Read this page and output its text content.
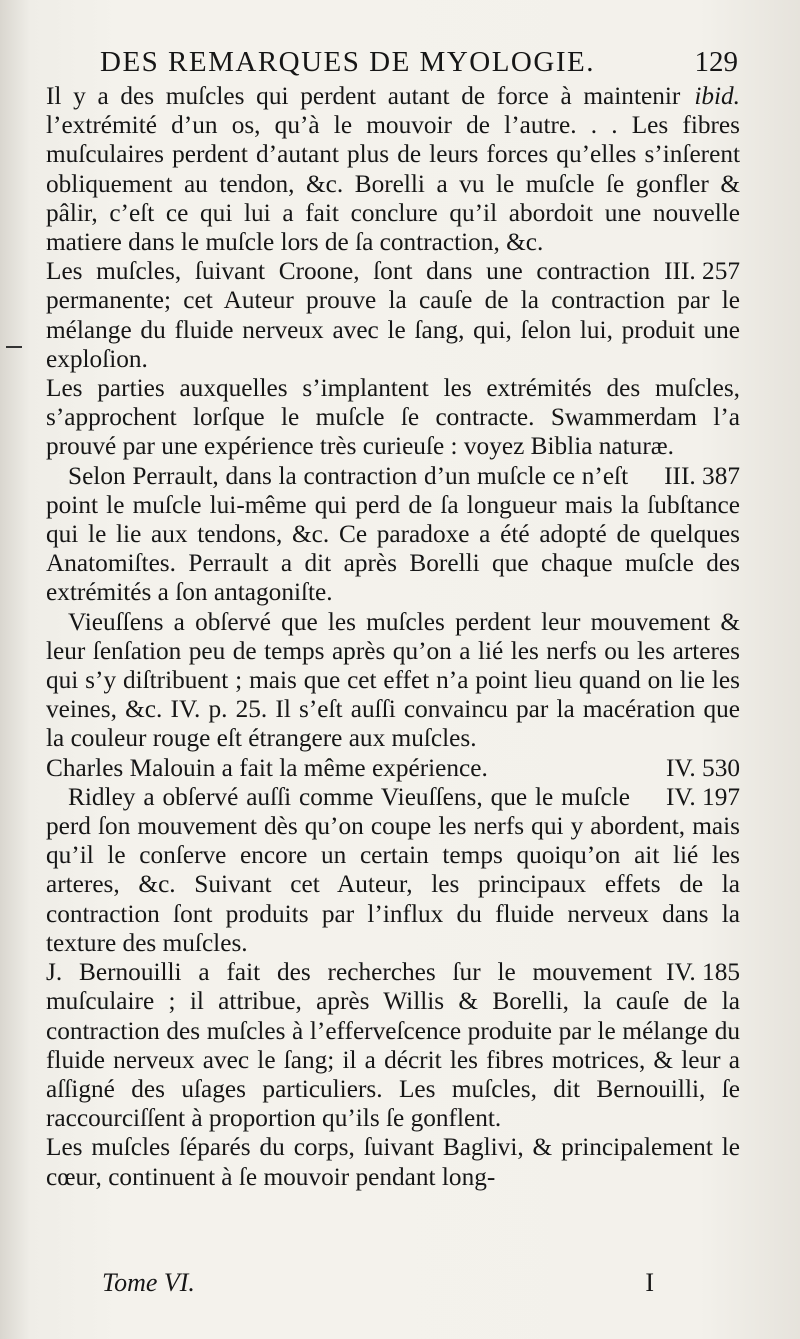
DES REMARQUES DE MYOLOGIE.	129

ibid.
Il y a des muſcles qui perdent autant de force à maintenir l’extrémité d’un os, qu’à le mouvoir de l’autre. . . Les fibres muſculaires perdent d’autant plus de leurs forces qu’elles s’inſerent obliquement au tendon, &c. Borelli a vu le muſcle ſe gonfler & pâlir, c’eſt ce qui lui a fait conclure qu’il abordoit une nouvelle matiere dans le muſcle lors de ſa contraction, &c.

III. 257
Les muſcles, ſuivant Croone, ſont dans une contraction permanente; cet Auteur prouve la cauſe de la contraction par le mélange du fluide nerveux avec le ſang, qui, ſelon lui, produit une exploſion.

Les parties auxquelles s’implantent les extrémités des muſcles, s’approchent lorſque le muſcle ſe contracte. Swammerdam l’a prouvé par une expérience très curieuſe : voyez Biblia naturæ.

III. 387
Selon Perrault, dans la contraction d’un muſcle ce n’eſt point le muſcle lui-même qui perd de ſa longueur mais la ſubſtance qui le lie aux tendons, &c. Ce paradoxe a été adopté de quelques Anatomiſtes. Perrault a dit après Borelli que chaque muſcle des extrémités a ſon antagoniſte.

Vieuſſens a obſervé que les muſcles perdent leur mouvement & leur ſenſation peu de temps après qu’on a lié les nerfs ou les arteres qui s’y diſtribuent ; mais que cet effet n’a point lieu quand on lie les veines, &c. IV. p. 25. Il s’eſt auſſi convaincu par la macération que la couleur rouge eſt étrangere aux muſcles.

IV. 530
Charles Malouin a fait la même expérience.

IV. 197
Ridley a obſervé auſſi comme Vieuſſens, que le muſcle perd ſon mouvement dès qu’on coupe les nerfs qui y abordent, mais qu’il le conſerve encore un certain temps quoiqu’on ait lié les arteres, &c. Suivant cet Auteur, les principaux effets de la contraction ſont produits par l’influx du fluide nerveux dans la texture des muſcles.

IV. 185
J. Bernouilli a fait des recherches ſur le mouvement muſculaire ; il attribue, après Willis & Borelli, la cauſe de la contraction des muſcles à l’effervеſcence produite par le mélange du fluide nerveux avec le ſang; il a décrit les fibres motrices, & leur a aſſigné des uſages particuliers. Les muſcles, dit Bernouilli, ſe raccourciſſent à proportion qu’ils ſe gonflent.

Les muſcles ſéparés du corps, ſuivant Baglivi, & principalement le cœur, continuent à ſe mouvoir pendant long-

Tome VI.	I
